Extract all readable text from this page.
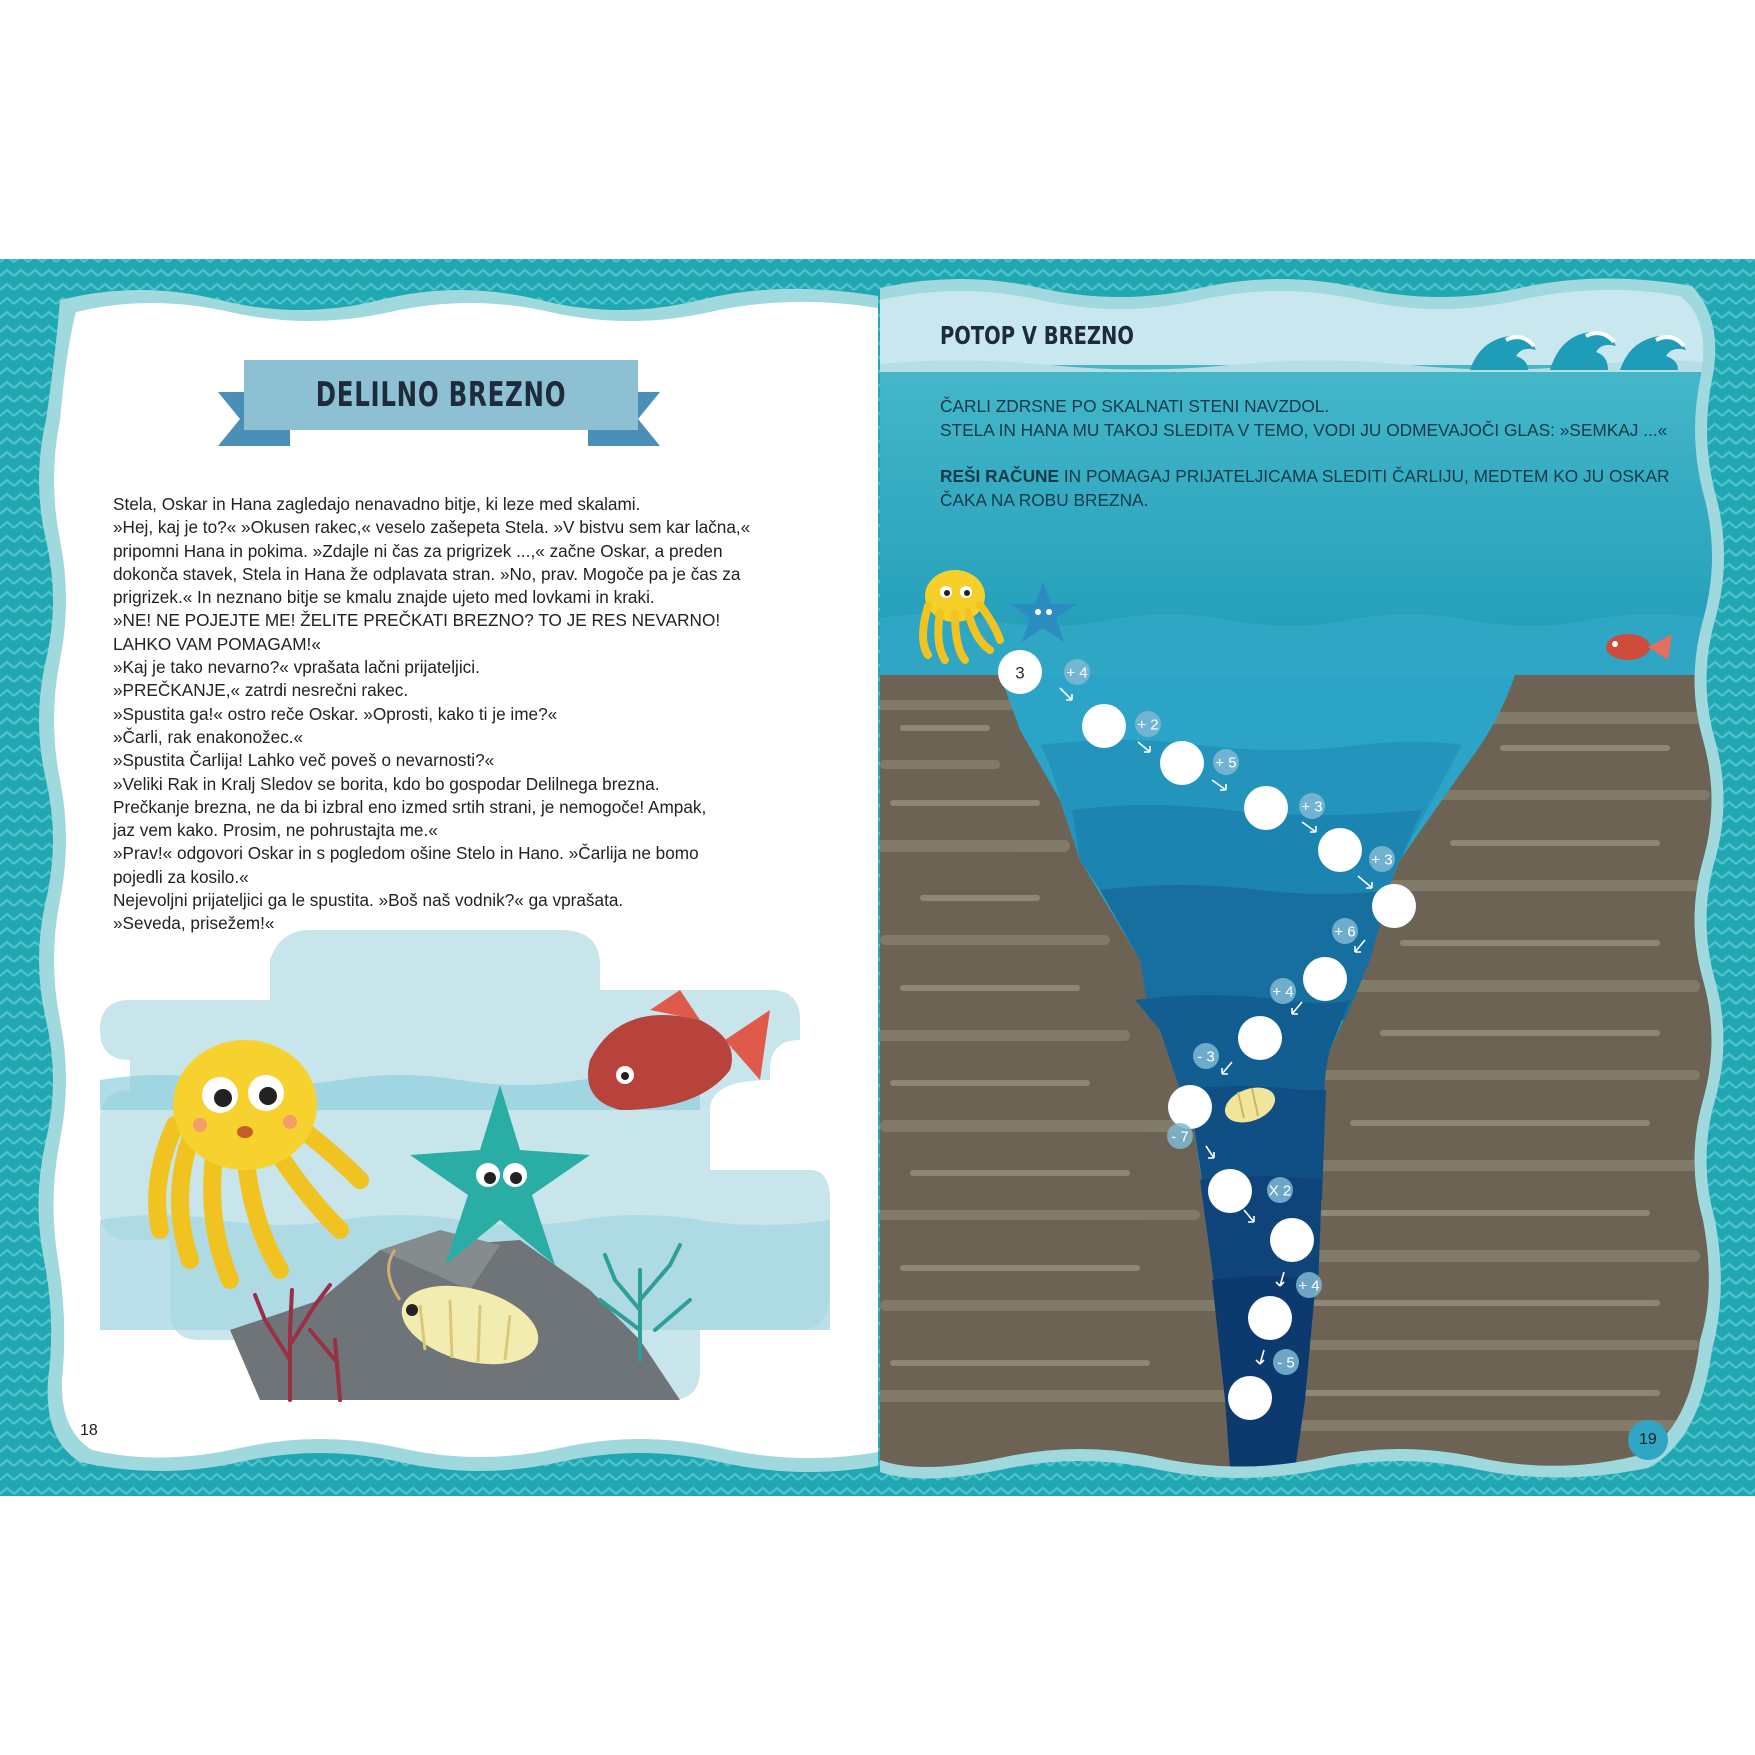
3	+ 4
+ 2
+ 5
+ 3
+ 3
+ 6
+ 4
- 3
- 7
X 2
+ 4
- 5
DELILNO BREZNO
Stela, Oskar in Hana zagledajo nenavadno bitje, ki leze med skalami.
»Hej, kaj je to?« »Okusen rakec,« veselo zašepeta Stela. »V bistvu sem kar lačna,«
pripomni Hana in pokima. »Zdajle ni čas za prigrizek ...,« začne Oskar, a preden
dokonča stavek, Stela in Hana že odplavata stran. »No, prav. Mogoče pa je čas za
prigrizek.« In neznano bitje se kmalu znajde ujeto med lovkami in kraki.
»NE! NE POJEJTE ME! ŽELITE PREČKATI BREZNO? TO JE RES NEVARNO!
LAHKO VAM POMAGAM!«
»Kaj je tako nevarno?« vprašata lačni prijateljici.
»PREČKANJE,« zatrdi nesrečni rakec.
»Spustita ga!« ostro reče Oskar. »Oprosti, kako ti je ime?«
»Čarli, rak enakonožec.«
»Spustita Čarlija! Lahko več poveš o nevarnosti?«
»Veliki Rak in Kralj Sledov se borita, kdo bo gospodar Delilnega brezna.
Prečkanje brezna, ne da bi izbral eno izmed srtih strani, je nemogoče! Ampak,
jaz vem kako. Prosim, ne pohrustajta me.«
»Prav!« odgovori Oskar in s pogledom ošine Stelo in Hano. »Čarlija ne bomo
pojedli za kosilo.«
Nejevoljni prijateljici ga le spustita. »Boš naš vodnik?« ga vprašata.
»Seveda, prisežem!«
18
POTOP V BREZNO
ČARLI ZDRSNE PO SKALNATI STENI NAVZDOL.
STELA IN HANA MU TAKOJ SLEDITA V TEMO, VODI JU ODMEVAJOČI GLAS: »SEMKAJ ...«
REŠI RAČUNE IN POMAGAJ PRIJATELJICAMA SLEDITI ČARLIJU, MEDTEM KO JU OSKAR
ČAKA NA ROBU BREZNA.
19
